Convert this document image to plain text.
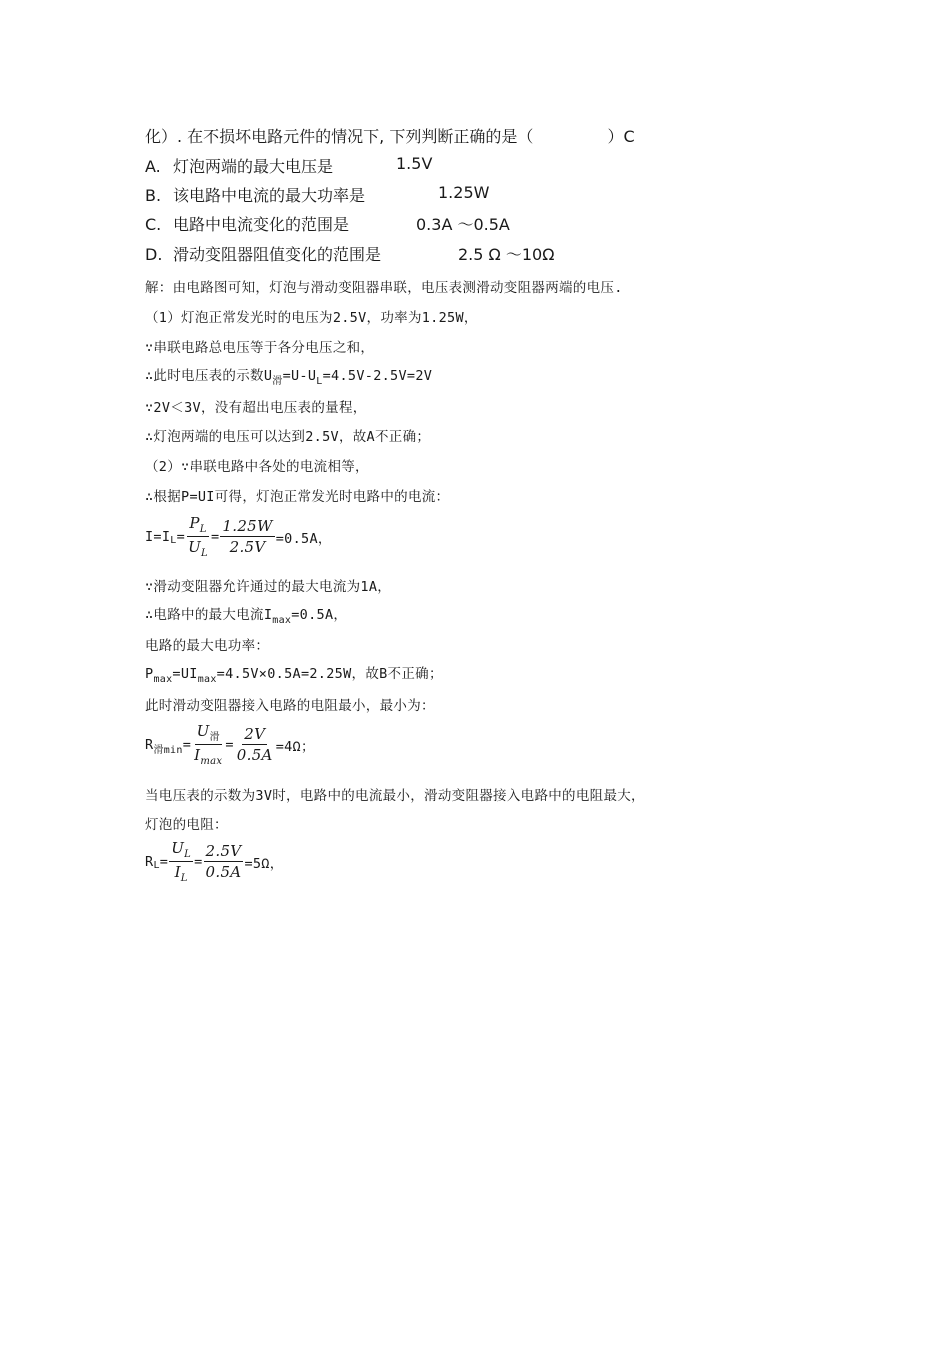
化）. 在不损坏电路元件的情况下, 下列判断正确的是（	）C
A. 灯泡两端的最大电压是	1.5V
B. 该电路中电流的最大功率是	1.25W
C. 电路中电流变化的范围是	0.3A ～0.5A
D. 滑动变阻器阻值变化的范围是	2.5 Ω ～10Ω
解：由电路图可知，灯泡与滑动变阻器串联，电压表测滑动变阻器两端的电压.
（1）灯泡正常发光时的电压为2.5V，功率为1.25W，
∵串联电路总电压等于各分电压之和，
∴此时电压表的示数$U_滑=U-U_L=4.5V-2.5V=2V$
∵2V＜3V，没有超出电压表的量程，
∴灯泡两端的电压可以达到2.5V，故A不正确；
（2）∵串联电路中各处的电流相等，
∴根据P=UI可得，灯泡正常发光时电路中的电流：
I=I $L = \frac{P_L}{U_L} = \frac{1.25W}{2.5V} =0.5A$，
∵滑动变阻器允许通过的最大电流为1A，
∴电路中的最大电流$I_{max}=0.5A$，
电路的最大电功率：
$P_{max}=UI_{max}=4.5V\times 0.5A=2.25W$，故B不正确；
此时滑动变阻器接入电路的电阻最小，最小为：
R 滑$\min = \frac{U_滑}{I_{max}} = \frac{2V}{0.5A} =4\Omega$；
当电压表的示数为3V时，电路中的电流最小，滑动变阻器接入电路中的电阻最大，
灯泡的电阻：
R $L = \frac{U_L}{I_L} = \frac{2.5V}{0.5A} =5\Omega$，
